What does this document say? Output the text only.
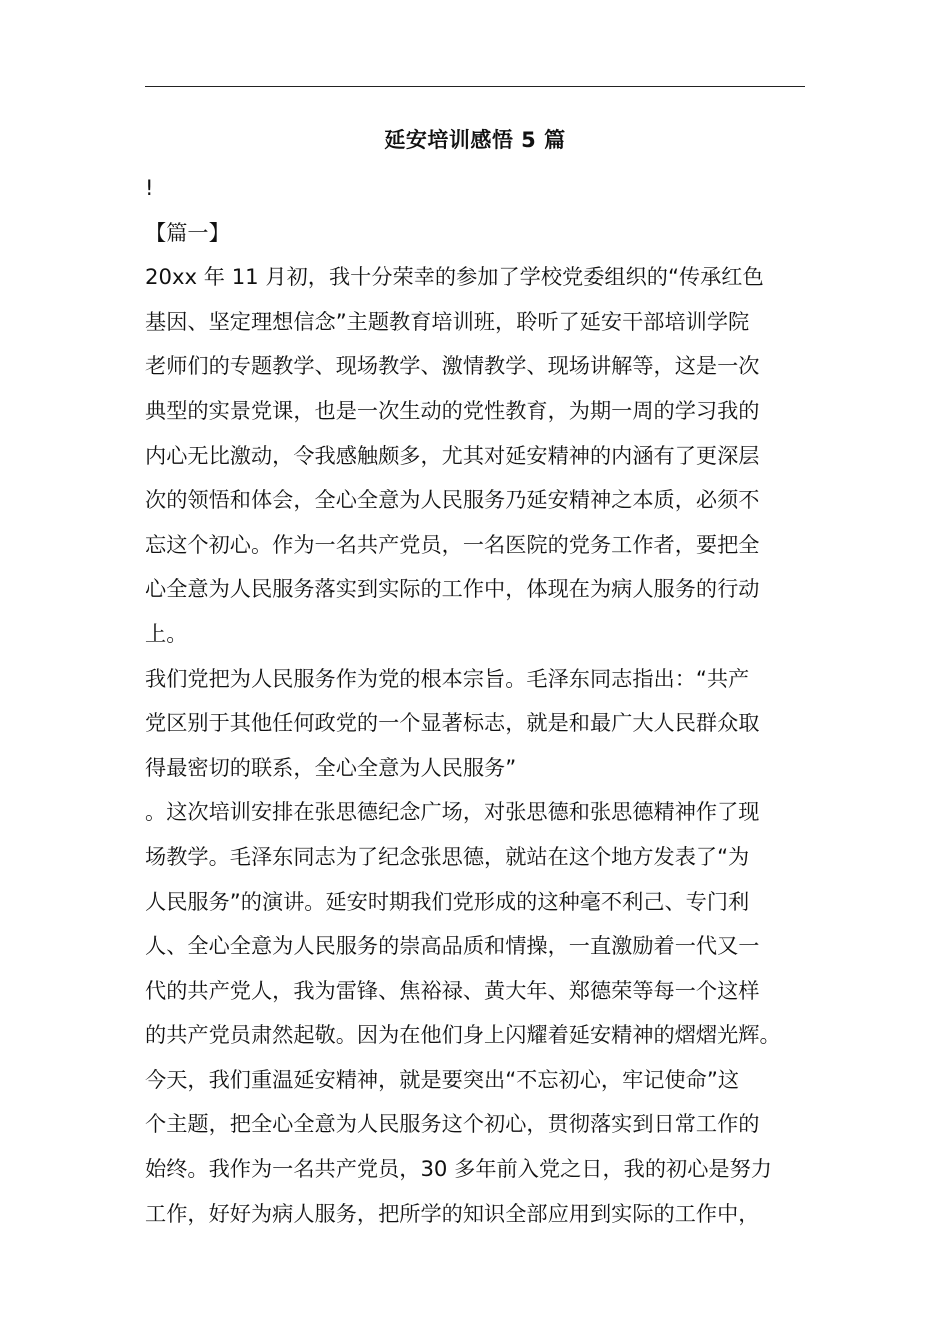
延安培训感悟 5 篇
!
【篇一】
20xx 年 11 月初，我十分荣幸的参加了学校党委组织的“传承红色
基因、坚定理想信念”主题教育培训班，聆听了延安干部培训学院
老师们的专题教学、现场教学、激情教学、现场讲解等，这是一次
典型的实景党课，也是一次生动的党性教育，为期一周的学习我的
内心无比激动，令我感触颇多，尤其对延安精神的内涵有了更深层
次的领悟和体会，全心全意为人民服务乃延安精神之本质，必须不
忘这个初心。作为一名共产党员，一名医院的党务工作者，要把全
心全意为人民服务落实到实际的工作中，体现在为病人服务的行动
上。
我们党把为人民服务作为党的根本宗旨。毛泽东同志指出：“共产
党区别于其他任何政党的一个显著标志，就是和最广大人民群众取
得最密切的联系，全心全意为人民服务”
。这次培训安排在张思德纪念广场，对张思德和张思德精神作了现
场教学。毛泽东同志为了纪念张思德，就站在这个地方发表了“为
人民服务”的演讲。延安时期我们党形成的这种毫不利己、专门利
人、全心全意为人民服务的崇高品质和情操，一直激励着一代又一
代的共产党人，我为雷锋、焦裕禄、黄大年、郑德荣等每一个这样
的共产党员肃然起敬。因为在他们身上闪耀着延安精神的熠熠光辉。
今天，我们重温延安精神，就是要突出“不忘初心，牢记使命”这
个主题，把全心全意为人民服务这个初心，贯彻落实到日常工作的
始终。我作为一名共产党员，30 多年前入党之日，我的初心是努力
工作，好好为病人服务，把所学的知识全部应用到实际的工作中，
